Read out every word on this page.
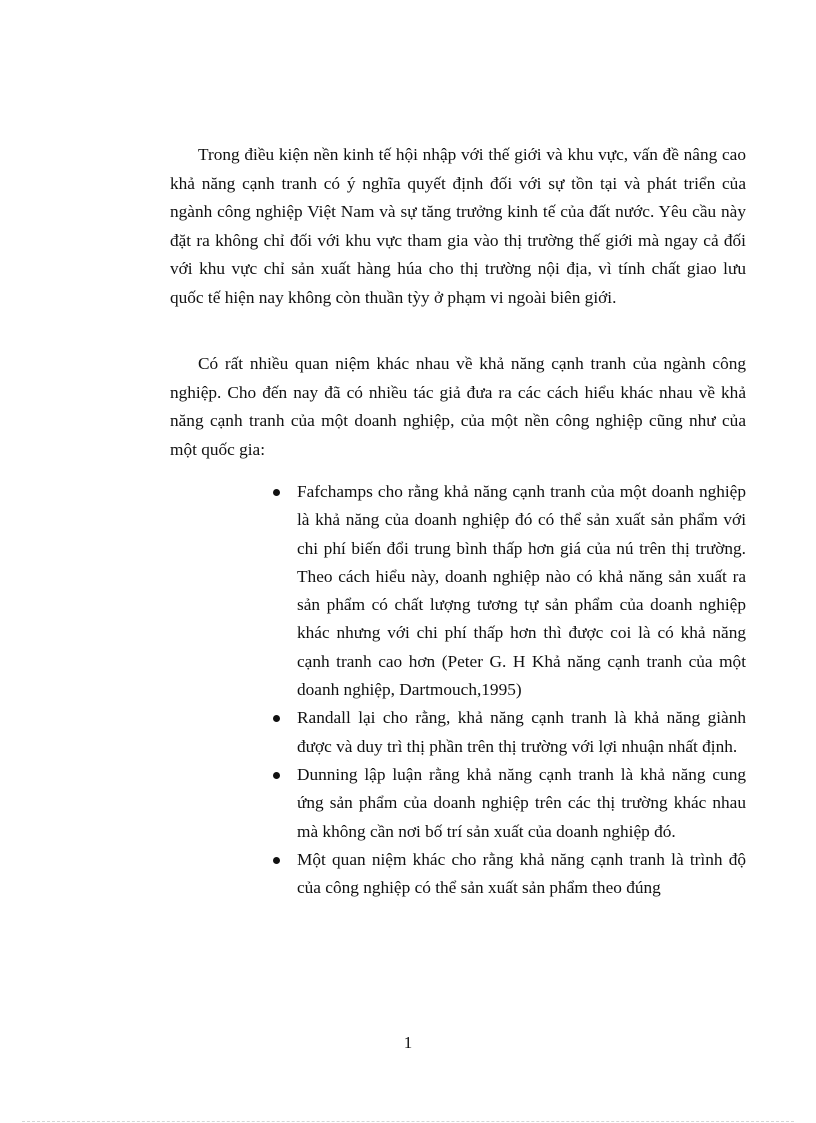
Trong điều kiện nền kinh tế hội nhập với thế giới và khu vực, vấn đề nâng cao khả năng cạnh tranh có ý nghĩa quyết định đối với sự tồn tại và phát triển của ngành công nghiệp Việt Nam và sự tăng trưởng kinh tế của đất nước. Yêu cầu này đặt ra không chỉ đối với khu vực tham gia vào thị trường thế giới mà ngay cả đối với khu vực chỉ sản xuất hàng húa cho thị trường nội địa, vì tính chất giao lưu quốc tế hiện nay không còn thuần tỳy ở phạm vi ngoài biên giới.

Có rất nhiều quan niệm khác nhau về khả năng cạnh tranh của ngành công nghiệp. Cho đến nay đã có nhiều tác giả đưa ra các cách hiểu khác nhau về khả năng cạnh tranh của một doanh nghiệp, của một nền công nghiệp cũng như của một quốc gia:

Fafchamps cho rằng khả năng cạnh tranh của một doanh nghiệp là khả năng của doanh nghiệp đó có thể sản xuất sản phẩm với chi phí biến đổi trung bình thấp hơn giá của nú trên thị trường. Theo cách hiểu này, doanh nghiệp nào có khả năng sản xuất ra sản phẩm có chất lượng tương tự sản phẩm của doanh nghiệp khác nhưng với chi phí thấp hơn thì được coi là có khả năng cạnh tranh cao hơn (Peter G. H Khả năng cạnh tranh của một doanh nghiệp, Dartmouch,1995)
Randall lại cho rằng, khả năng cạnh tranh là khả năng giành được và duy trì thị phần trên thị trường với lợi nhuận nhất định.
Dunning lập luận rằng khả năng cạnh tranh là khả năng cung ứng sản phẩm của doanh nghiệp trên các thị trường khác nhau mà không cần nơi bố trí sản xuất của doanh nghiệp đó.
Một quan niệm khác cho rằng khả năng cạnh tranh là trình độ của công nghiệp có thể sản xuất sản phẩm theo đúng
1
